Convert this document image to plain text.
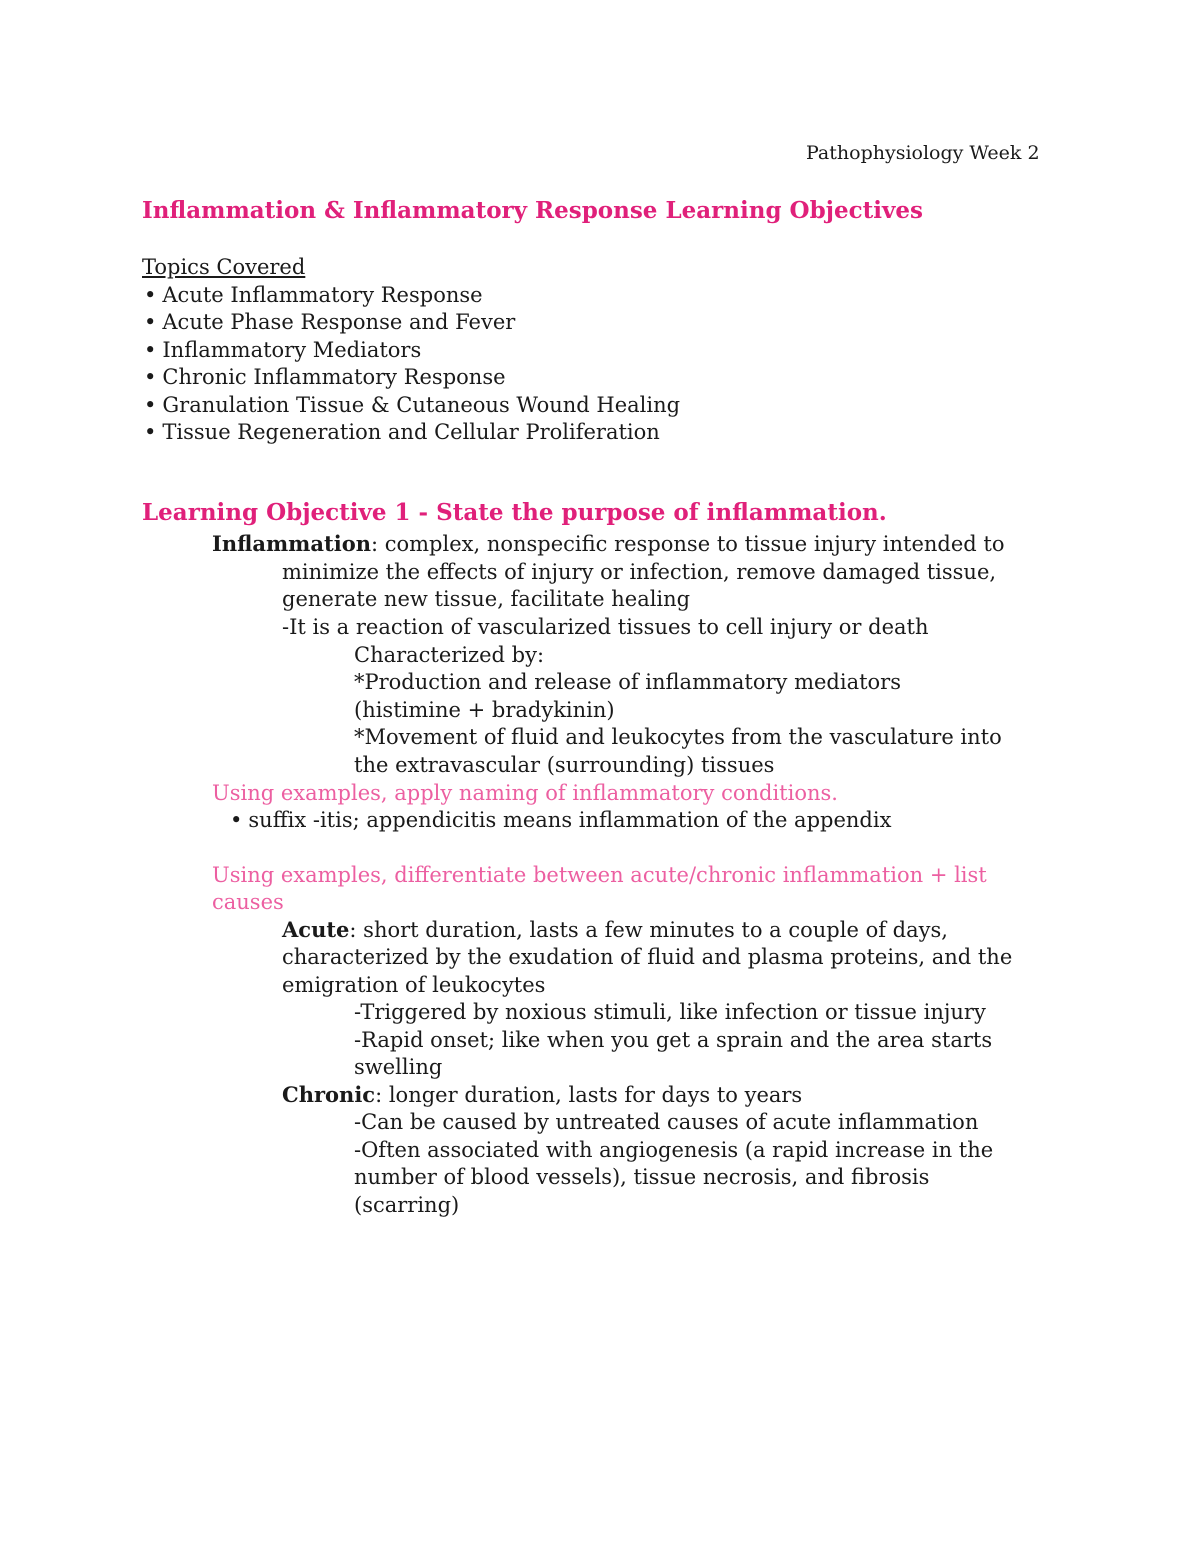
Pathophysiology Week 2
Inflammation & Inflammatory Response Learning Objectives
Topics Covered
• Acute Inflammatory Response
• Acute Phase Response and Fever
• Inflammatory Mediators
• Chronic Inflammatory Response
• Granulation Tissue & Cutaneous Wound Healing
• Tissue Regeneration and Cellular Proliferation
Learning Objective 1 - State the purpose of inflammation.
Inflammation: complex, nonspecific response to tissue injury intended to
minimize the effects of injury or infection, remove damaged tissue,
generate new tissue, facilitate healing
-It is a reaction of vascularized tissues to cell injury or death
Characterized by:
*Production and release of inflammatory mediators
(histimine + bradykinin)
*Movement of fluid and leukocytes from the vasculature into
the extravascular (surrounding) tissues
Using examples, apply naming of inflammatory conditions.
• suffix -itis; appendicitis means inflammation of the appendix
Using examples, differentiate between acute/chronic inflammation + list
causes
Acute: short duration, lasts a few minutes to a couple of days,
characterized by the exudation of fluid and plasma proteins, and the
emigration of leukocytes
-Triggered by noxious stimuli, like infection or tissue injury
-Rapid onset; like when you get a sprain and the area starts
swelling
Chronic: longer duration, lasts for days to years
-Can be caused by untreated causes of acute inflammation
-Often associated with angiogenesis (a rapid increase in the
number of blood vessels), tissue necrosis, and fibrosis
(scarring)
